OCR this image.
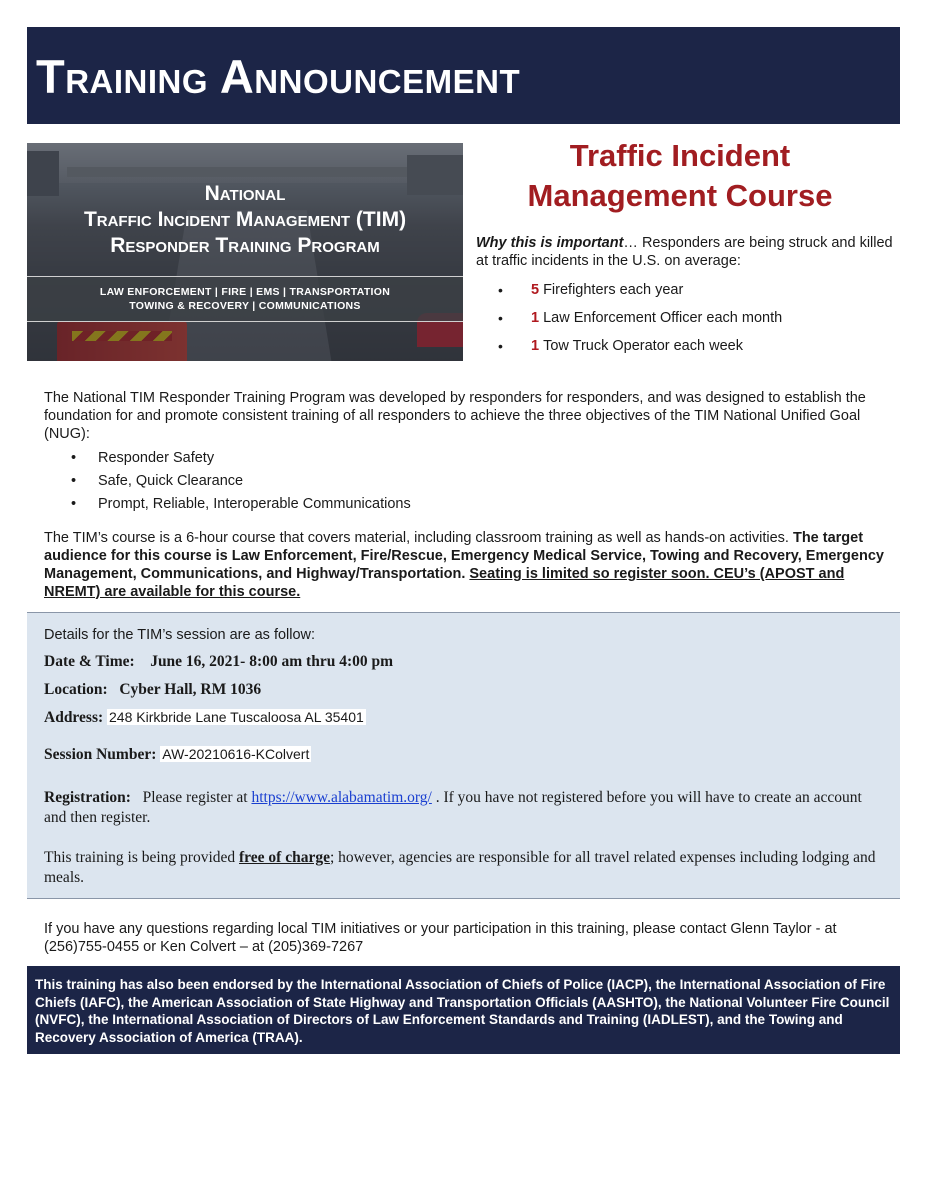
Training Announcement
National
Traffic Incident Management (TIM)
Responder Training Program
LAW ENFORCEMENT | FIRE | EMS | TRANSPORTATION
TOWING & RECOVERY | COMMUNICATIONS
Traffic Incident
Management Course

Why this is important… Responders are being struck and killed at traffic incidents in the U.S. on average:

• 5 Firefighters each year
• 1 Law Enforcement Officer each month
• 1 Tow Truck Operator each week

The National TIM Responder Training Program was developed by responders for responders, and was designed to establish the foundation for and promote consistent training of all responders to achieve the three objectives of the TIM National Unified Goal (NUG):

• Responder Safety
• Safe, Quick Clearance
• Prompt, Reliable, Interoperable Communications

The TIM’s course is a 6-hour course that covers material, including classroom training as well as hands-on activities. The target audience for this course is Law Enforcement, Fire/Rescue, Emergency Medical Service, Towing and Recovery, Emergency Management, Communications, and Highway/Transportation. Seating is limited so register soon. CEU’s (APOST and NREMT) are available for this course.

Details for the TIM’s session are as follow:
Date & Time: June 16, 2021- 8:00 am thru 4:00 pm
Location: Cyber Hall, RM 1036
Address: 248 Kirkbride Lane Tuscaloosa AL 35401
Session Number: AW-20210616-KColvert
Registration: Please register at https://www.alabamatim.org/ . If you have not registered before you will have to create an account and then register.
This training is being provided free of charge; however, agencies are responsible for all travel related expenses including lodging and meals.

If you have any questions regarding local TIM initiatives or your participation in this training, please contact Glenn Taylor - at (256)755-0455 or Ken Colvert – at (205)369-7267

This training has also been endorsed by the International Association of Chiefs of Police (IACP), the International Association of Fire Chiefs (IAFC), the American Association of State Highway and Transportation Officials (AASHTO), the National Volunteer Fire Council (NVFC), the International Association of Directors of Law Enforcement Standards and Training (IADLEST), and the Towing and Recovery Association of America (TRAA).
